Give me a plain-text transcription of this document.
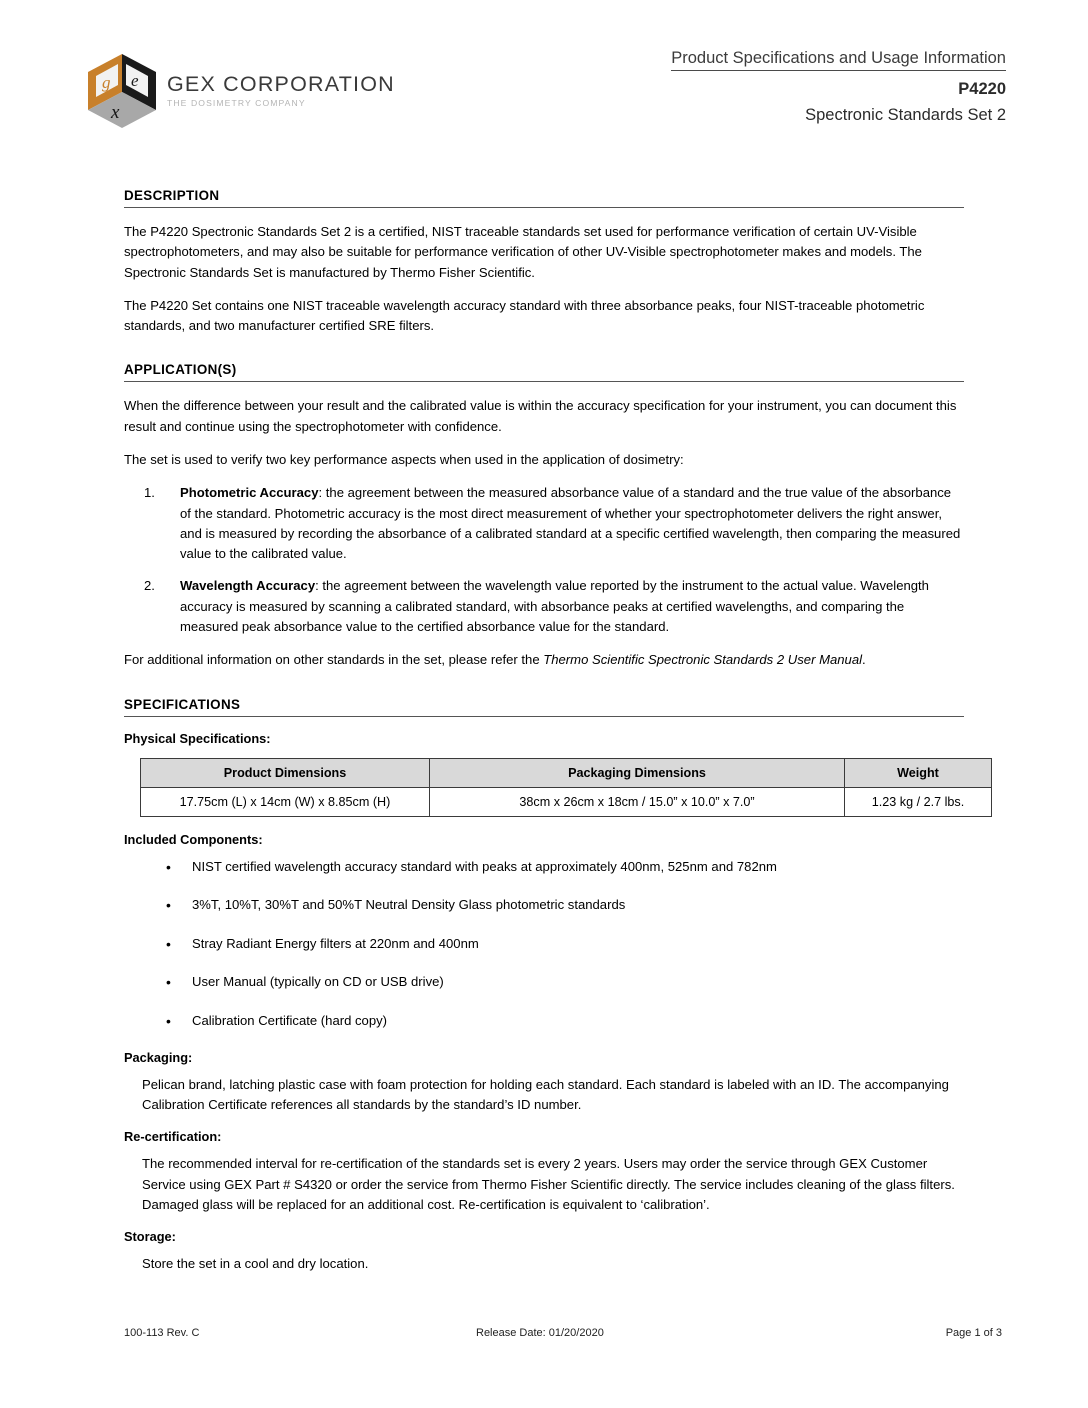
g e
x
GEX CORPORATION
THE DOSIMETRY COMPANY
Product Specifications and Usage Information
P4220
Spectronic Standards Set 2
DESCRIPTION

The P4220 Spectronic Standards Set 2 is a certified, NIST traceable standards set used for performance verification of certain UV-Visible spectrophotometers, and may also be suitable for performance verification of other UV-Visible spectrophotometer makes and models. The Spectronic Standards Set is manufactured by Thermo Fisher Scientific.

The P4220 Set contains one NIST traceable wavelength accuracy standard with three absorbance peaks, four NIST-traceable photometric standards, and two manufacturer certified SRE filters.

APPLICATION(S)

When the difference between your result and the calibrated value is within the accuracy specification for your instrument, you can document this result and continue using the spectrophotometer with confidence.

The set is used to verify two key performance aspects when used in the application of dosimetry:

Photometric Accuracy: the agreement between the measured absorbance value of a standard and the true value of the absorbance of the standard. Photometric accuracy is the most direct measurement of whether your spectrophotometer delivers the right answer, and is measured by recording the absorbance of a calibrated standard at a specific certified wavelength, then comparing the measured value to the calibrated value.
Wavelength Accuracy: the agreement between the wavelength value reported by the instrument to the actual value. Wavelength accuracy is measured by scanning a calibrated standard, with absorbance peaks at certified wavelengths, and comparing the measured peak absorbance value to the certified absorbance value for the standard.

For additional information on other standards in the set, please refer the Thermo Scientific Spectronic Standards 2 User Manual.

SPECIFICATIONS
Physical Specifications:
Product Dimensions	Packaging Dimensions	Weight
17.75cm (L) x 14cm (W) x 8.85cm (H)	38cm x 26cm x 18cm / 15.0” x 10.0” x 7.0”	1.23 kg / 2.7 lbs.
Included Components:
• NIST certified wavelength accuracy standard with peaks at approximately 400nm, 525nm and 782nm
• 3%T, 10%T, 30%T and 50%T Neutral Density Glass photometric standards
• Stray Radiant Energy filters at 220nm and 400nm
• User Manual (typically on CD or USB drive)
• Calibration Certificate (hard copy)
Packaging:

Pelican brand, latching plastic case with foam protection for holding each standard. Each standard is labeled with an ID. The accompanying Calibration Certificate references all standards by the standard’s ID number.

Re-certification:

The recommended interval for re-certification of the standards set is every 2 years. Users may order the service through GEX Customer Service using GEX Part # S4320 or order the service from Thermo Fisher Scientific directly. The service includes cleaning of the glass filters. Damaged glass will be replaced for an additional cost. Re-certification is equivalent to ‘calibration’.

Storage:

Store the set in a cool and dry location.

100-113 Rev. C	Release Date: 01/20/2020	Page 1 of 3
